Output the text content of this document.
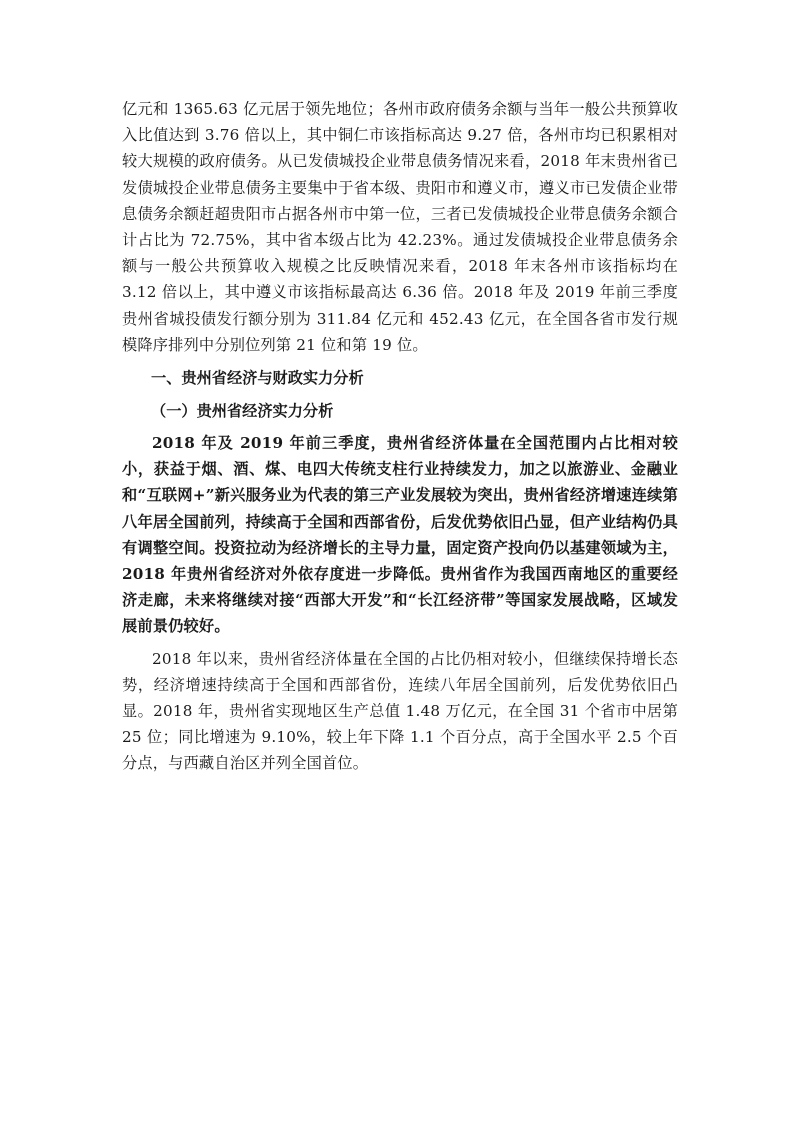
亿元和 1365.63 亿元居于领先地位；各州市政府债务余额与当年一般公共预算收入比值达到 3.76 倍以上，其中铜仁市该指标高达 9.27 倍，各州市均已积累相对较大规模的政府债务。从已发债城投企业带息债务情况来看，2018 年末贵州省已发债城投企业带息债务主要集中于省本级、贵阳市和遵义市，遵义市已发债企业带息债务余额赶超贵阳市占据各州市中第一位，三者已发债城投企业带息债务余额合计占比为 72.75%，其中省本级占比为 42.23%。通过发债城投企业带息债务余额与一般公共预算收入规模之比反映情况来看，2018 年末各州市该指标均在 3.12 倍以上，其中遵义市该指标最高达 6.36 倍。2018 年及 2019 年前三季度贵州省城投债发行额分别为 311.84 亿元和 452.43 亿元，在全国各省市发行规模降序排列中分别位列第 21 位和第 19 位。

一、贵州省经济与财政实力分析
（一）贵州省经济实力分析

2018 年及 2019 年前三季度，贵州省经济体量在全国范围内占比相对较小，获益于烟、酒、煤、电四大传统支柱行业持续发力，加之以旅游业、金融业和“互联网+”新兴服务业为代表的第三产业发展较为突出，贵州省经济增速连续第八年居全国前列，持续高于全国和西部省份，后发优势依旧凸显，但产业结构仍具有调整空间。投资拉动为经济增长的主导力量，固定资产投向仍以基建领域为主，2018 年贵州省经济对外依存度进一步降低。贵州省作为我国西南地区的重要经济走廊，未来将继续对接“西部大开发”和“长江经济带”等国家发展战略，区域发展前景仍较好。

2018 年以来，贵州省经济体量在全国的占比仍相对较小，但继续保持增长态势，经济增速持续高于全国和西部省份，连续八年居全国前列，后发优势依旧凸显。2018 年，贵州省实现地区生产总值 1.48 万亿元，在全国 31 个省市中居第 25 位；同比增速为 9.10%，较上年下降 1.1 个百分点，高于全国水平 2.5 个百分点，与西藏自治区并列全国首位。
